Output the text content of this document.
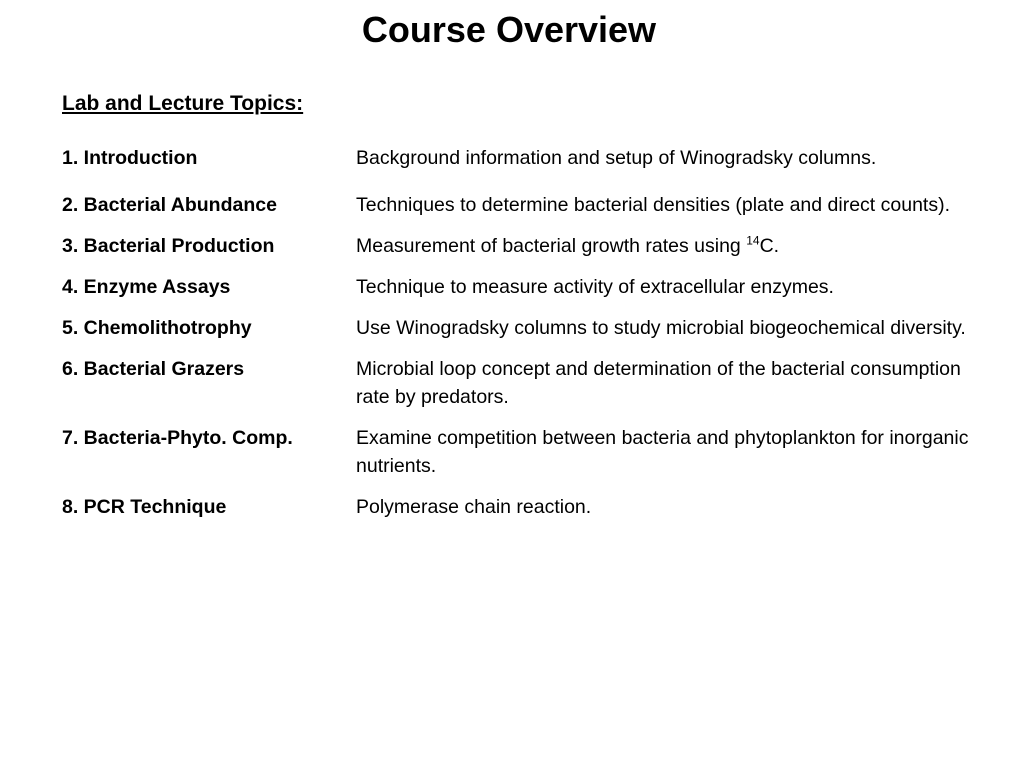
Course Overview
Lab and Lecture Topics:
1. Introduction	Background information and setup of Winogradsky columns.
2. Bacterial Abundance	Techniques to determine bacterial densities (plate and direct counts).
3. Bacterial Production	Measurement of bacterial growth rates using $^{14}$C.
4. Enzyme Assays	Technique to measure activity of extracellular enzymes.
5. Chemolithotrophy	Use Winogradsky columns to study microbial biogeochemical diversity.
6. Bacterial Grazers	Microbial loop concept and determination of the bacterial consumption rate by predators.
7. Bacteria-Phyto. Comp.	Examine competition between bacteria and phytoplankton for inorganic nutrients.
8. PCR Technique	Polymerase chain reaction.
